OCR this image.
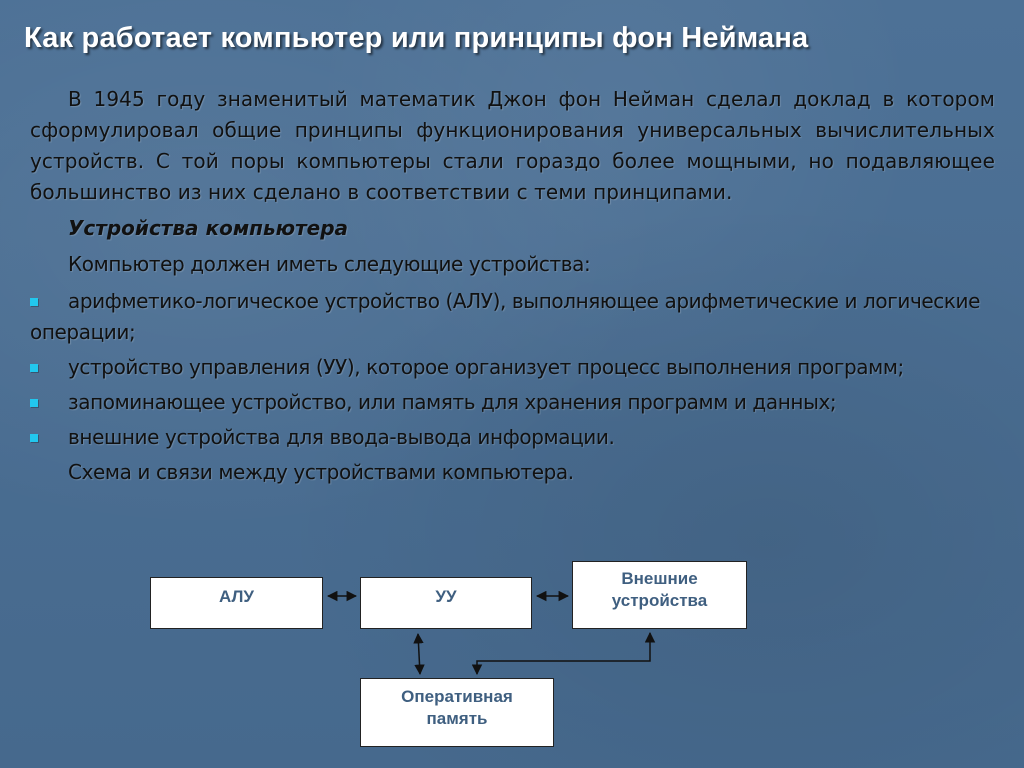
Как работает компьютер или принципы фон Неймана

В 1945 году знаменитый математик Джон фон Нейман сделал доклад в котором сформулировал общие принципы функционирования универсальных вычислительных устройств. С той поры компьютеры стали гораздо более мощными, но подавляющее большинство из них сделано в соответствии с теми принципами.

Устройства компьютера

Компьютер должен иметь следующие устройства:

арифметико-логическое устройство (АЛУ), выполняющее арифметические и логические операции;
устройство управления (УУ), которое организует процесс выполнения программ;
запоминающее устройство, или память для хранения программ и данных;
внешние устройства для ввода-вывода информации.

Схема и связи между устройствами компьютера.

АЛУ	УУ
Внешние
устройства
Оперативная
память
